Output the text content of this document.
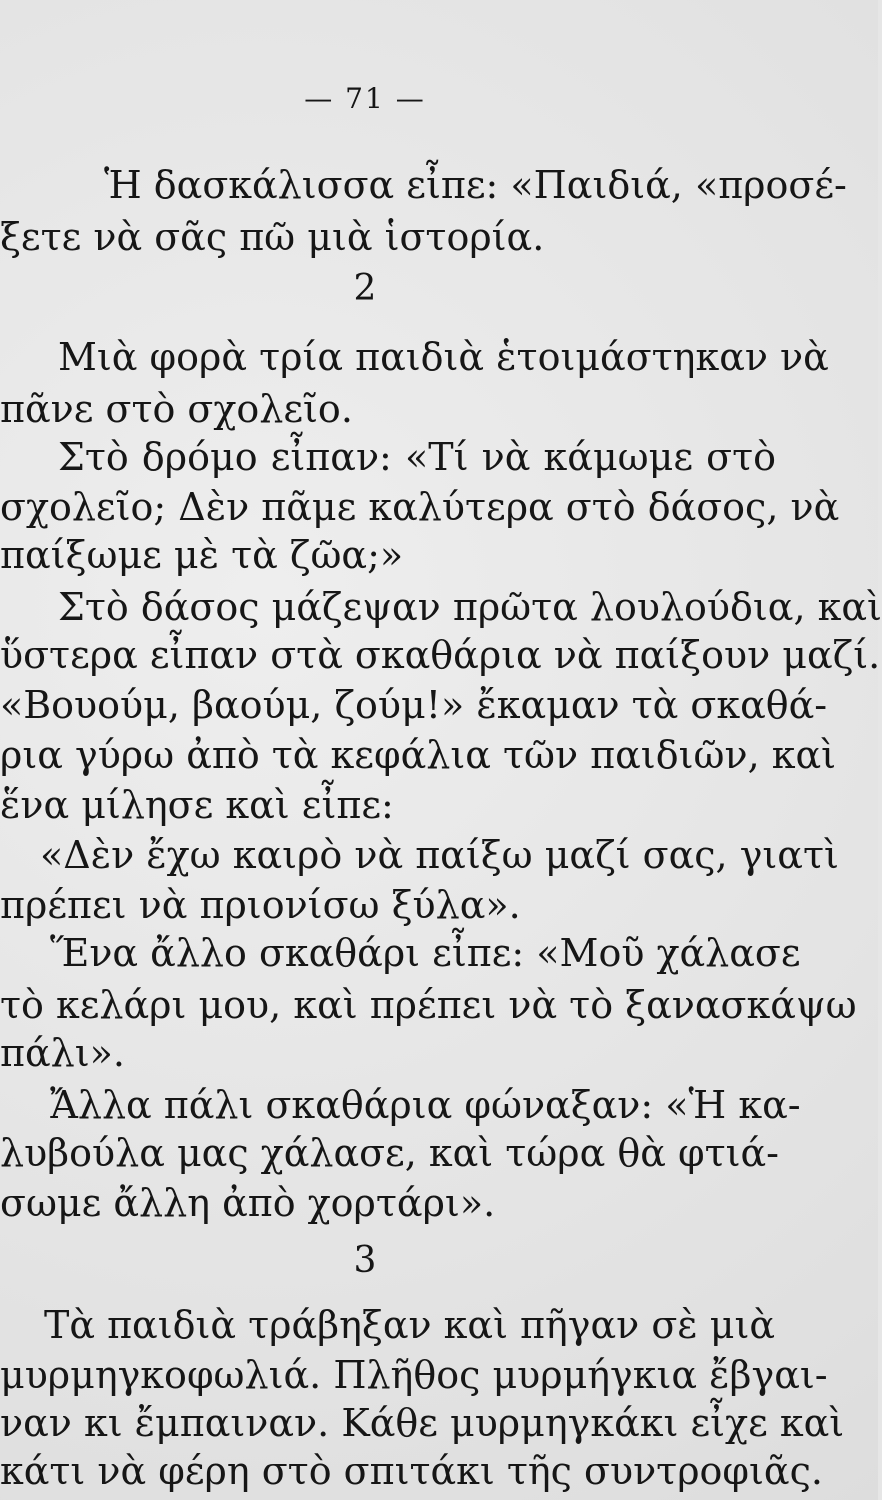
— 71 —
Ἡ δασκάλισσα εἶπε: «Παιδιά, «προσέ-
ξετε νὰ σᾶς πῶ μιὰ ἱστορία.
2
Μιὰ φορὰ τρία παιδιὰ ἑτοιμάστηκαν νὰ
πᾶνε στὸ σχολεῖο.
Στὸ δρόμο εἶπαν: «Τί νὰ κάμωμε στὸ
σχολεῖο; Δὲν πᾶμε καλύτερα στὸ δάσος, νὰ
παίξωμε μὲ τὰ ζῶα;»
Στὸ δάσος μάζεψαν πρῶτα λουλούδια, καὶ
ὕστερα εἶπαν στὰ σκαθάρια νὰ παίξουν μαζί.
«Βουούμ, βαούμ, ζούμ!» ἔκαμαν τὰ σκαθά-
ρια γύρω ἀπὸ τὰ κεφάλια τῶν παιδιῶν, καὶ
ἕνα μίλησε καὶ εἶπε:
«Δὲν ἔχω καιρὸ νὰ παίξω μαζί σας, γιατὶ
πρέπει νὰ πριονίσω ξύλα».
Ἕνα ἄλλο σκαθάρι εἶπε: «Μοῦ χάλασε
τὸ κελάρι μου, καὶ πρέπει νὰ τὸ ξανασκάψω
πάλι».
Ἄλλα πάλι σκαθάρια φώναξαν: «Ἡ κα-
λυβούλα μας χάλασε, καὶ τώρα θὰ φτιά-
σωμε ἄλλη ἀπὸ χορτάρι».
3
Τὰ παιδιὰ τράβηξαν καὶ πῆγαν σὲ μιὰ
μυρμηγκοφωλιά. Πλῆθος μυρμήγκια ἔβγαι-
ναν κι ἔμπαιναν. Κάθε μυρμηγκάκι εἶχε καὶ
κάτι νὰ φέρη στὸ σπιτάκι τῆς συντροφιᾶς.
